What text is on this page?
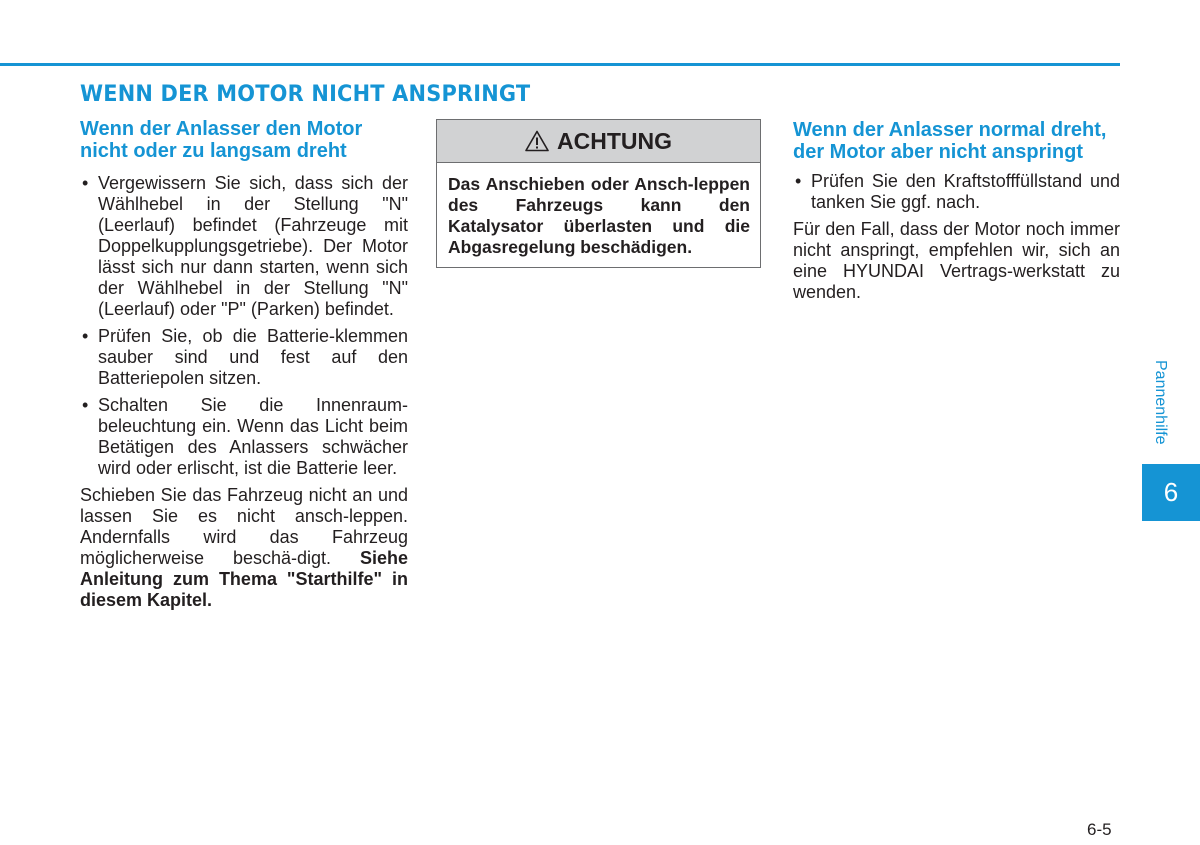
WENN DER MOTOR NICHT ANSPRINGT
Wenn der Anlasser den Motor nicht oder zu langsam dreht
• Vergewissern Sie sich, dass sich der Wählhebel in der Stellung "N" (Leerlauf) befindet (Fahrzeuge mit Doppelkupplungsgetriebe). Der Motor lässt sich nur dann starten, wenn sich der Wählhebel in der Stellung "N" (Leerlauf) oder "P" (Parken) befindet.
• Prüfen Sie, ob die Batterie-klemmen sauber sind und fest auf den Batteriepolen sitzen.
• Schalten Sie die Innenraum-beleuchtung ein. Wenn das Licht beim Betätigen des Anlassers schwächer wird oder erlischt, ist die Batterie leer.

Schieben Sie das Fahrzeug nicht an und lassen Sie es nicht ansch-leppen. Andernfalls wird das Fahrzeug möglicherweise beschä-digt. Siehe Anleitung zum Thema "Starthilfe" in diesem Kapitel.

ACHTUNG

Das Anschieben oder Ansch-leppen des Fahrzeugs kann den Katalysator überlasten und die Abgasregelung beschädigen.

Wenn der Anlasser normal dreht, der Motor aber nicht anspringt
• Prüfen Sie den Kraftstofffüllstand und tanken Sie ggf. nach.

Für den Fall, dass der Motor noch immer nicht anspringt, empfehlen wir, sich an eine HYUNDAI Vertrags-werkstatt zu wenden.

Pannenhilfe
6
6-5
